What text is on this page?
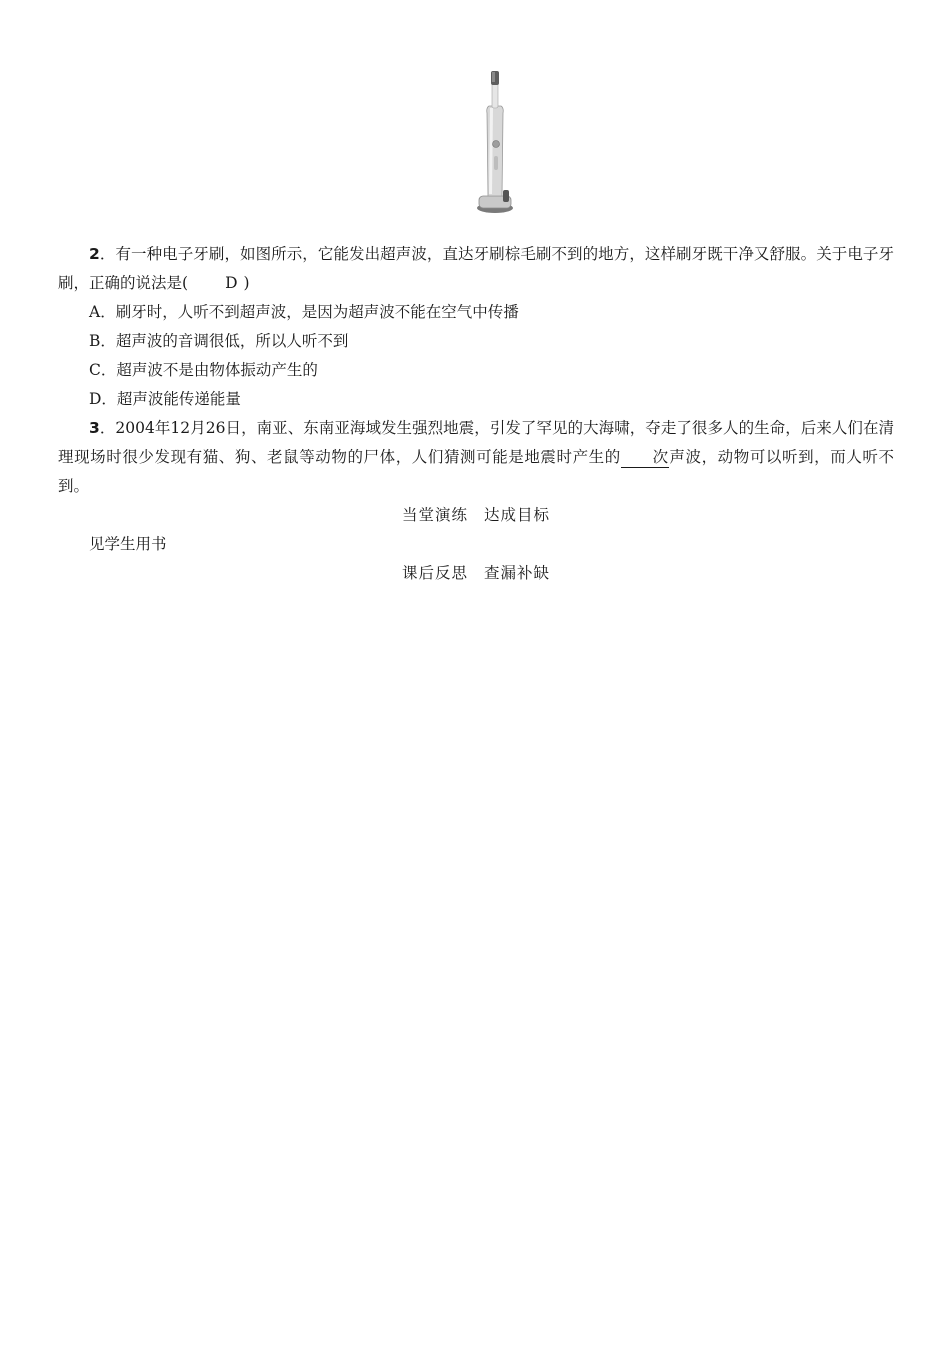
2．有一种电子牙刷，如图所示，它能发出超声波，直达牙刷棕毛刷不到的地方，这样刷牙既干净又舒服。关于电子牙刷，正确的说法是( D )

A．刷牙时，人听不到超声波，是因为超声波不能在空气中传播

B．超声波的音调很低，所以人听不到

C．超声波不是由物体振动产生的

D．超声波能传递能量

3．2004年12月26日，南亚、东南亚海域发生强烈地震，引发了罕见的大海啸，夺走了很多人的生命，后来人们在清理现场时很少发现有猫、狗、老鼠等动物的尸体，人们猜测可能是地震时产生的 次声波，动物可以听到，而人听不到。

当堂演练 达成目标

见学生用书

课后反思 查漏补缺
